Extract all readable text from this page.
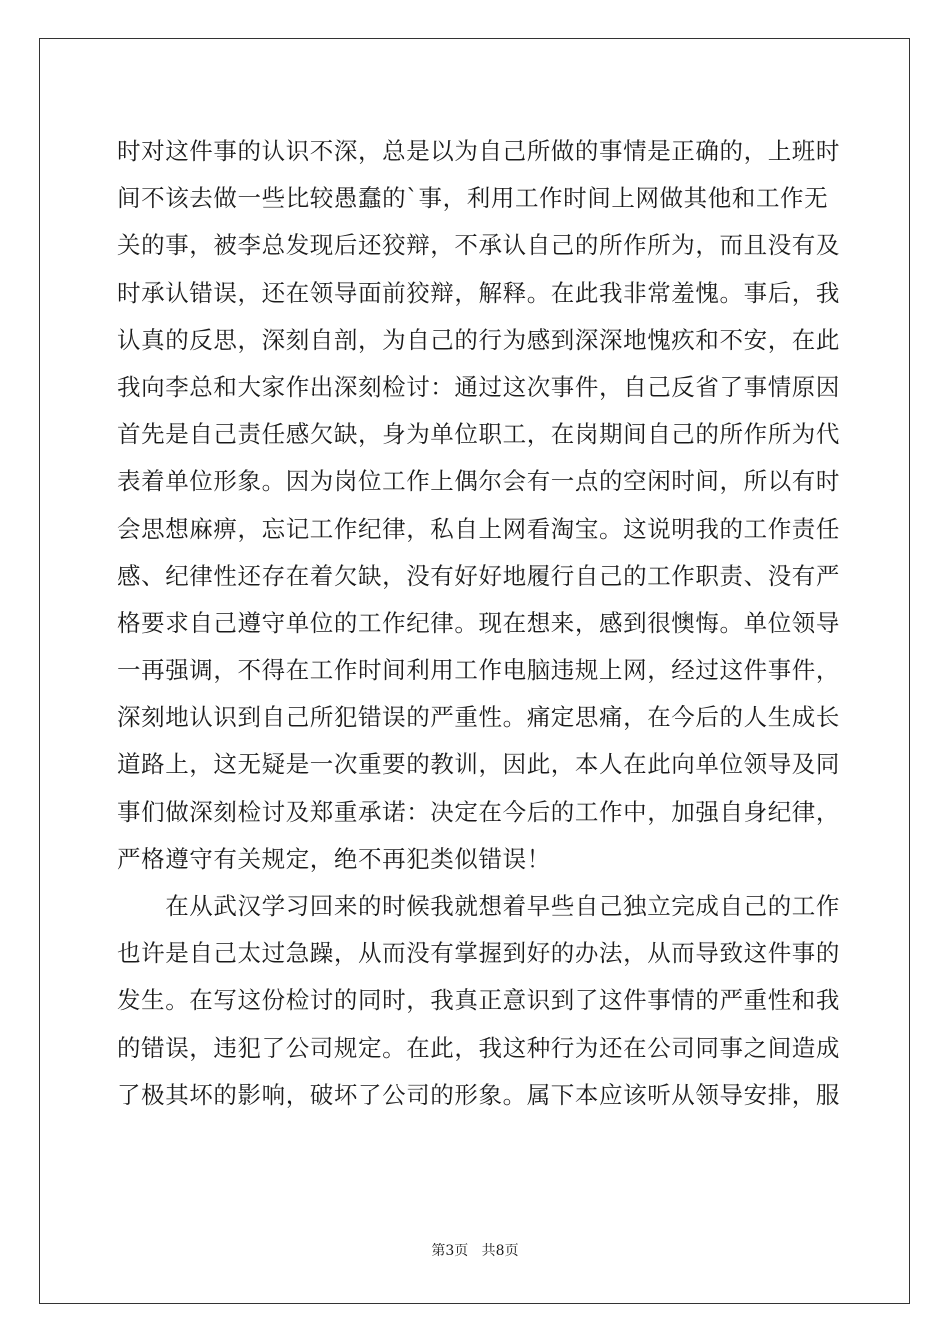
时对这件事的认识不深，总是以为自己所做的事情是正确的，上班时
间不该去做一些比较愚蠢的`事，利用工作时间上网做其他和工作无
关的事，被李总发现后还狡辩，不承认自己的所作所为，而且没有及
时承认错误，还在领导面前狡辩，解释。在此我非常羞愧。事后，我
认真的反思，深刻自剖，为自己的行为感到深深地愧疚和不安，在此
我向李总和大家作出深刻检讨：通过这次事件，自己反省了事情原因
首先是自己责任感欠缺，身为单位职工，在岗期间自己的所作所为代
表着单位形象。因为岗位工作上偶尔会有一点的空闲时间，所以有时
会思想麻痹，忘记工作纪律，私自上网看淘宝。这说明我的工作责任
感、纪律性还存在着欠缺，没有好好地履行自己的工作职责、没有严
格要求自己遵守单位的工作纪律。现在想来，感到很懊悔。单位领导
一再强调，不得在工作时间利用工作电脑违规上网，经过这件事件，
深刻地认识到自己所犯错误的严重性。痛定思痛，在今后的人生成长
道路上，这无疑是一次重要的教训，因此，本人在此向单位领导及同
事们做深刻检讨及郑重承诺：决定在今后的工作中，加强自身纪律，
严格遵守有关规定，绝不再犯类似错误！
　　在从武汉学习回来的时候我就想着早些自己独立完成自己的工作
也许是自己太过急躁，从而没有掌握到好的办法，从而导致这件事的
发生。在写这份检讨的同时，我真正意识到了这件事情的严重性和我
的错误，违犯了公司规定。在此，我这种行为还在公司同事之间造成
了极其坏的影响，破坏了公司的形象。属下本应该听从领导安排，服
第3页 共8页
